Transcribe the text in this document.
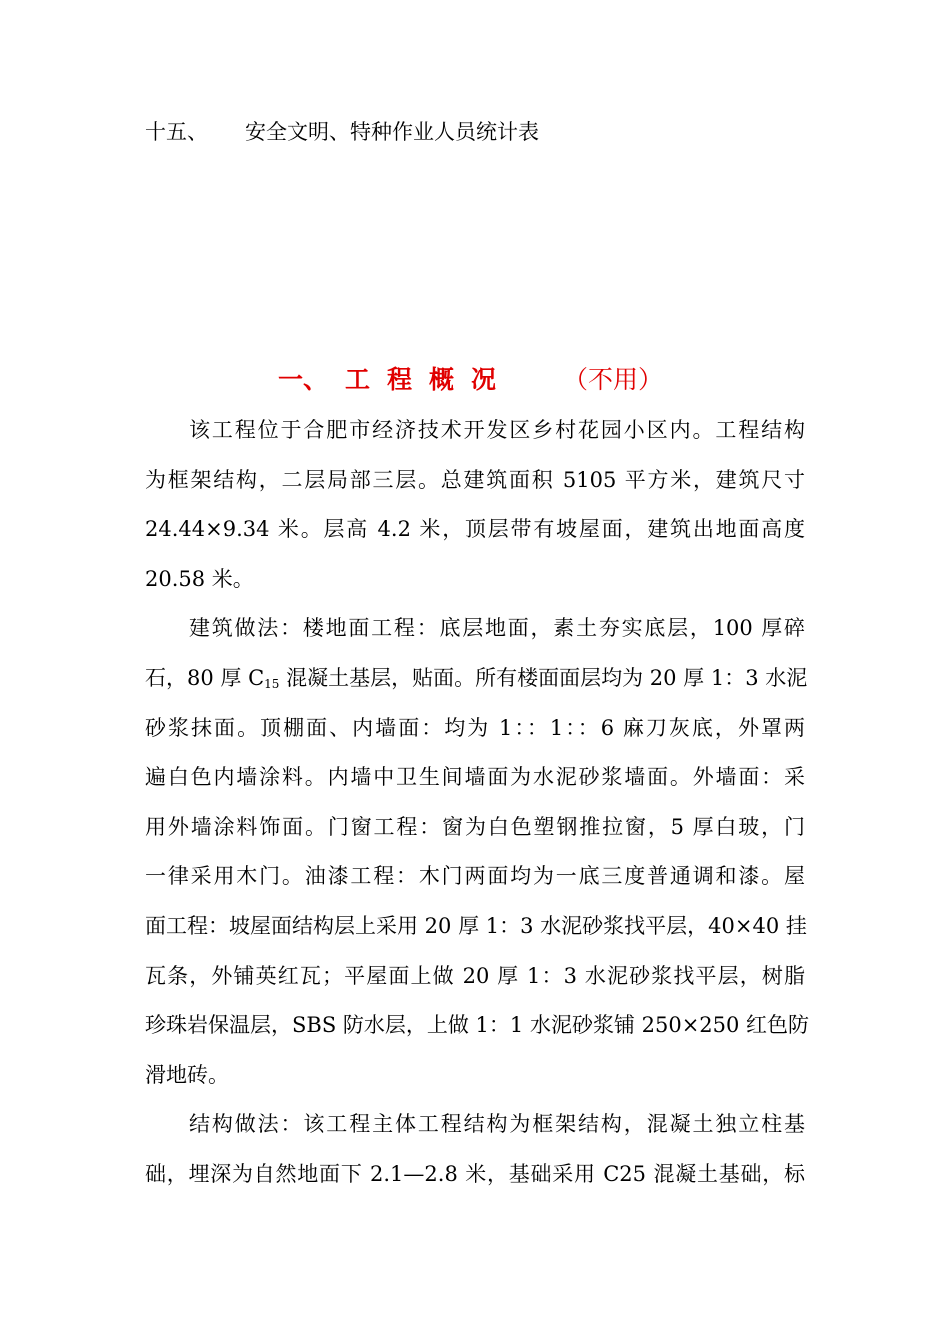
十五、 安全文明、特种作业人员统计表
一、 工程概况 （不用）

该工程位于合肥市经济技术开发区乡村花园小区内。工程结构
为框架结构，二层局部三层。总建筑面积 5105 平方米，建筑尺寸
24.44×9.34 米。层高 4.2 米，顶层带有坡屋面，建筑出地面高度
20.58 米。

建筑做法：楼地面工程：底层地面，素土夯实底层，100 厚碎
石，80 厚 $C_{15}$ 混凝土基层，贴面。所有楼面面层均为 20 厚 1：3 水泥
砂浆抹面。顶棚面、内墙面：均为 1：：1：：6 麻刀灰底，外罩两
遍白色内墙涂料。内墙中卫生间墙面为水泥砂浆墙面。外墙面：采
用外墙涂料饰面。门窗工程：窗为白色塑钢推拉窗，5 厚白玻，门
一律采用木门。油漆工程：木门两面均为一底三度普通调和漆。屋
面工程：坡屋面结构层上采用 20 厚 1：3 水泥砂浆找平层，40×40 挂
瓦条，外铺英红瓦；平屋面上做 20 厚 1：3 水泥砂浆找平层，树脂
珍珠岩保温层，SBS 防水层，上做 1：1 水泥砂浆铺 250×250 红色防
滑地砖。

结构做法：该工程主体工程结构为框架结构，混凝土独立柱基
础，埋深为自然地面下 2.1—2.8 米，基础采用 C25 混凝土基础，标
